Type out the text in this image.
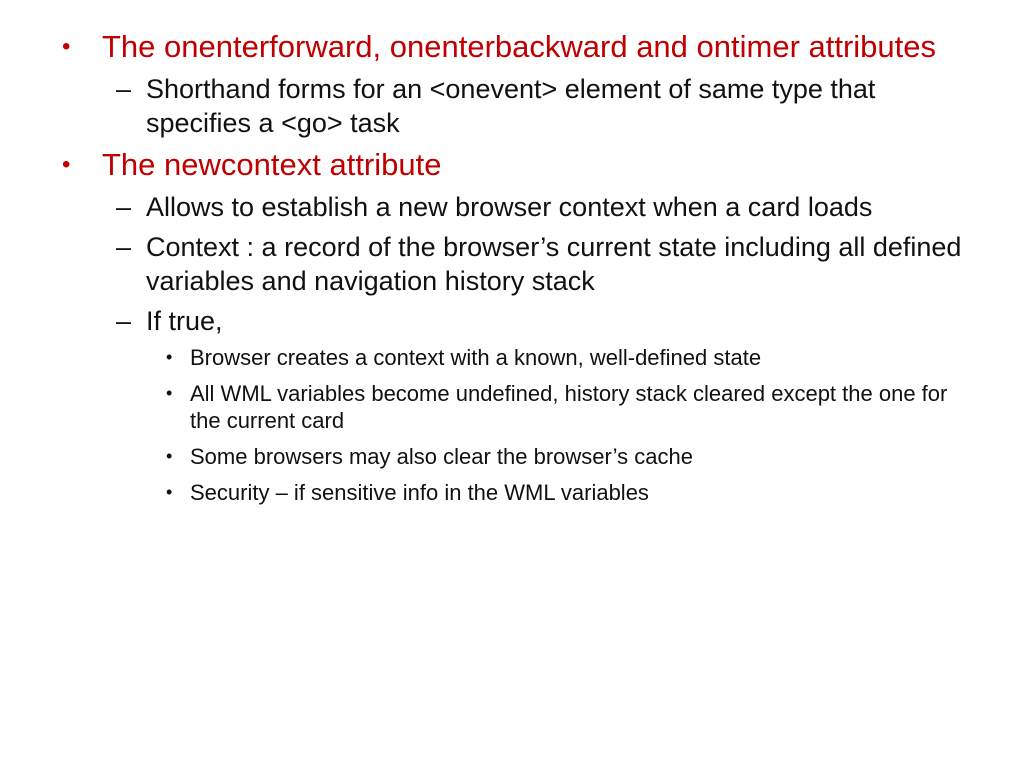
•	The onenterforward, onenterbackward and ontimer attributes
– Shorthand forms for an <onevent> element of same type that specifies a <go> task
•	The newcontext attribute
– Allows to establish a new browser context when a card loads
– Context : a record of the browser’s current state including all defined variables and navigation history stack
– If true,
• Browser creates a context with a known, well-defined state
• All WML variables become undefined, history stack cleared except the one for the current card
• Some browsers may also clear the browser’s cache
• Security – if sensitive info in the WML variables
